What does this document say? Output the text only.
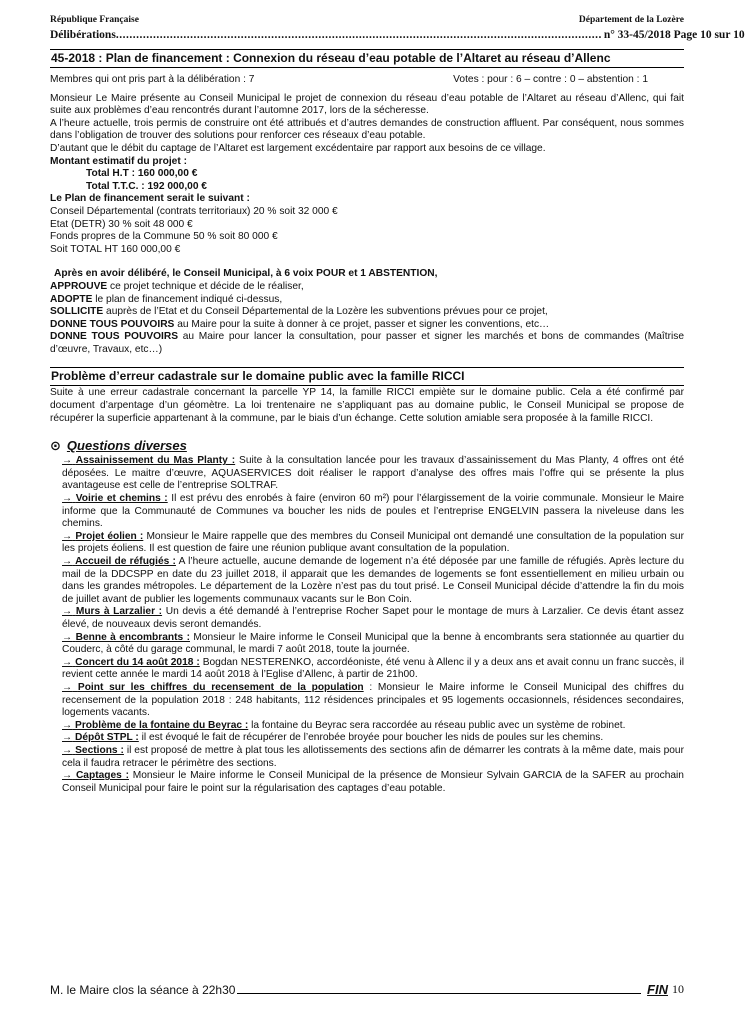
République Française	Département de la Lozère
Délibérations ................................................................................................................................................ n° 33-45/2018 Page 10 sur 10
45-2018 : Plan de financement : Connexion du réseau d’eau potable de l’Altaret au réseau d’Allenc
Membres qui ont pris part à la délibération : 7	Votes : pour : 6 – contre : 0 – abstention : 1

Monsieur Le Maire présente au Conseil Municipal le projet de connexion du réseau d’eau potable de l’Altaret au réseau d’Allenc, qui fait suite aux problèmes d’eau rencontrés durant l’automne 2017, lors de la sécheresse.

A l’heure actuelle, trois permis de construire ont été attribués et d’autres demandes de construction affluent. Par conséquent, nous sommes dans l’obligation de trouver des solutions pour renforcer ces réseaux d’eau potable.

D’autant que le débit du captage de l’Altaret est largement excédentaire par rapport aux besoins de ce village.

Montant estimatif du projet :

Total H.T : 160 000,00 €

Total T.T.C. : 192 000,00 €

Le Plan de financement serait le suivant :

Conseil Départemental (contrats territoriaux) 20 % soit 32 000 €

Etat (DETR) 30 % soit 48 000 €

Fonds propres de la Commune 50 % soit 80 000 €

Soit TOTAL HT 160 000,00 €

Après en avoir délibéré, le Conseil Municipal, à 6 voix POUR et 1 ABSTENTION,

APPROUVE ce projet technique et décide de le réaliser,

ADOPTE le plan de financement indiqué ci-dessus,

SOLLICITE auprès de l’Etat et du Conseil Départemental de la Lozère les subventions prévues pour ce projet,

DONNE TOUS POUVOIRS au Maire pour la suite à donner à ce projet, passer et signer les conventions, etc…

DONNE TOUS POUVOIRS au Maire pour lancer la consultation, pour passer et signer les marchés et bons de commandes (Maîtrise d’œuvre, Travaux, etc…)

Problème d’erreur cadastrale sur le domaine public avec la famille RICCI

Suite à une erreur cadastrale concernant la parcelle YP 14, la famille RICCI empiète sur le domaine public. Cela a été confirmé par document d’arpentage d’un géomètre. La loi trentenaire ne s’appliquant pas au domaine public, le Conseil Municipal se propose de récupérer la superficie appartenant à la commune, par le biais d’un échange. Cette solution amiable sera proposée à la famille RICCI.

⊙ Questions diverses

→ Assainissement du Mas Planty : Suite à la consultation lancée pour les travaux d’assainissement du Mas Planty, 4 offres ont été déposées. Le maitre d’œuvre, AQUASERVICES doit réaliser le rapport d’analyse des offres mais l’offre qui se présente la plus avantageuse est celle de l’entreprise SOLTRAF.

→ Voirie et chemins : Il est prévu des enrobés à faire (environ 60 m²) pour l’élargissement de la voirie communale. Monsieur le Maire informe que la Communauté de Communes va boucher les nids de poules et l’entreprise ENGELVIN passera la niveleuse dans les chemins.

→ Projet éolien : Monsieur le Maire rappelle que des membres du Conseil Municipal ont demandé une consultation de la population sur les projets éoliens. Il est question de faire une réunion publique avant consultation de la population.

→ Accueil de réfugiés : A l’heure actuelle, aucune demande de logement n’a été déposée par une famille de réfugiés. Après lecture du mail de la DDCSPP en date du 23 juillet 2018, il apparait que les demandes de logements se font essentiellement en milieu urbain ou dans les grandes métropoles. Le département de la Lozère n’est pas du tout prisé. Le Conseil Municipal décide d’attendre la fin du mois de juillet avant de publier les logements communaux vacants sur le Bon Coin.

→ Murs à Larzalier : Un devis a été demandé à l’entreprise Rocher Sapet pour le montage de murs à Larzalier. Ce devis étant assez élevé, de nouveaux devis seront demandés.

→ Benne à encombrants : Monsieur le Maire informe le Conseil Municipal que la benne à encombrants sera stationnée au quartier du Couderc, à côté du garage communal, le mardi 7 août 2018, toute la journée.

→ Concert du 14 août 2018 : Bogdan NESTERENKO, accordéoniste, été venu à Allenc il y a deux ans et avait connu un franc succès, il revient cette année le mardi 14 août 2018 à l’Eglise d’Allenc, à partir de 21h00.

→ Point sur les chiffres du recensement de la population : Monsieur le Maire informe le Conseil Municipal des chiffres du recensement de la population 2018 : 248 habitants, 112 résidences principales et 95 logements occasionnels, résidences secondaires, logements vacants.

→ Problème de la fontaine du Beyrac : la fontaine du Beyrac sera raccordée au réseau public avec un système de robinet.

→ Dépôt STPL : il est évoqué le fait de récupérer de l’enrobée broyée pour boucher les nids de poules sur les chemins.

→ Sections : il est proposé de mettre à plat tous les allotissements des sections afin de démarrer les contrats à la même date, mais pour cela il faudra retracer le périmètre des sections.

→ Captages : Monsieur le Maire informe le Conseil Municipal de la présence de Monsieur Sylvain GARCIA de la SAFER au prochain Conseil Municipal pour faire le point sur la régularisation des captages d’eau potable.

M. le Maire clos la séance à 22h30	FIN 10
